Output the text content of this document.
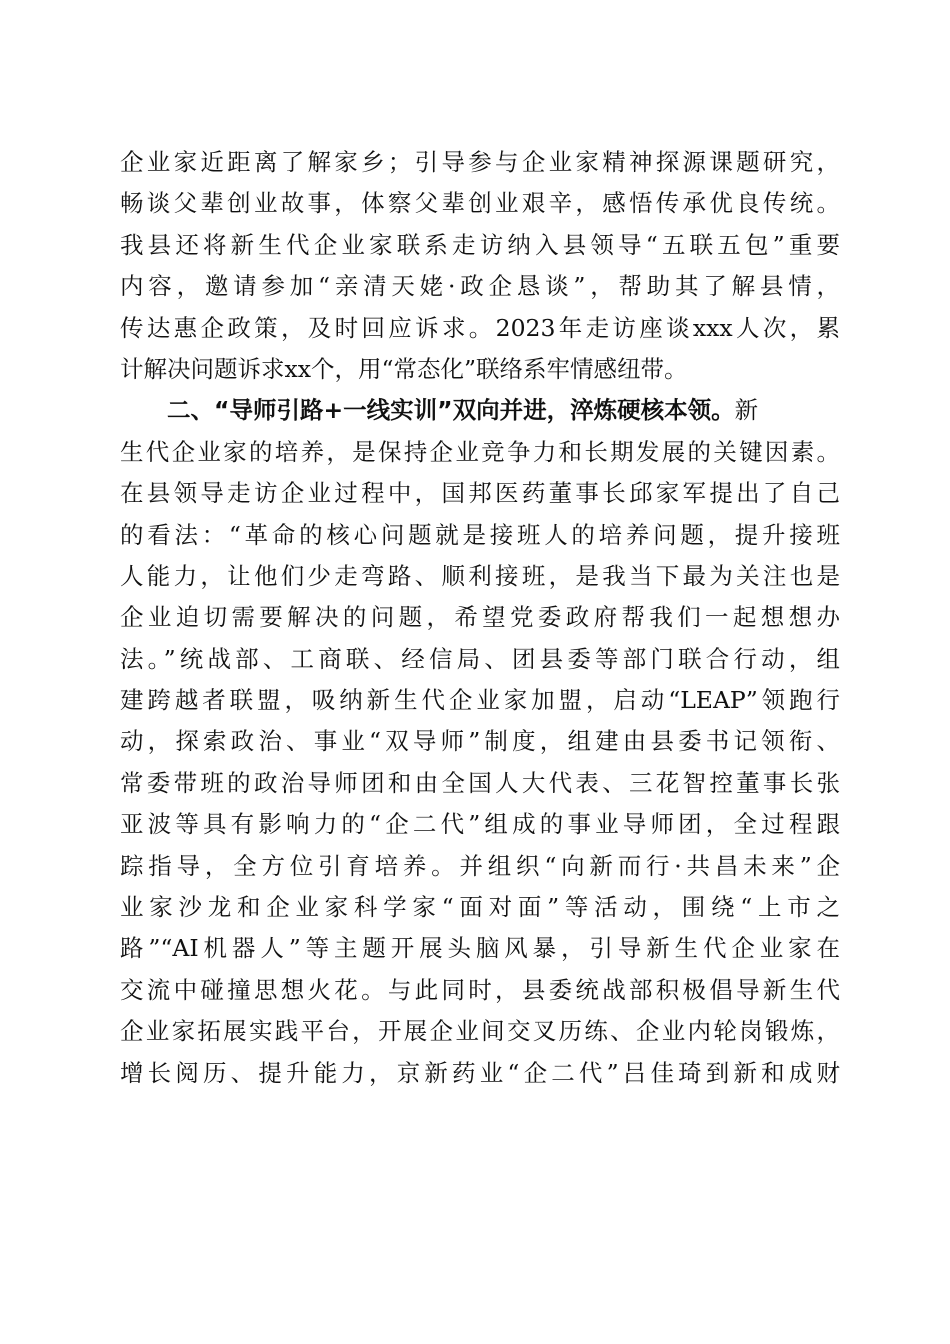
企业家近距离了解家乡；引导参与企业家精神探源课题研究，
畅谈父辈创业故事，体察父辈创业艰辛，感悟传承优良传统。
我县还将新生代企业家联系走访纳入县领导“五联五包”重要
内容，邀请参加“亲清天姥·政企恳谈”，帮助其了解县情，
传达惠企政策，及时回应诉求。2023年走访座谈xxx人次，累
计解决问题诉求xx个，用“常态化”联络系牢情感纽带。
二、“导师引路+一线实训”双向并进，淬炼硬核本领。新
生代企业家的培养，是保持企业竞争力和长期发展的关键因素。
在县领导走访企业过程中，国邦医药董事长邱家军提出了自己
的看法：“革命的核心问题就是接班人的培养问题，提升接班
人能力，让他们少走弯路、顺利接班，是我当下最为关注也是
企业迫切需要解决的问题，希望党委政府帮我们一起想想办
法。”统战部、工商联、经信局、团县委等部门联合行动，组
建跨越者联盟，吸纳新生代企业家加盟，启动“LEAP”领跑行
动，探索政治、事业“双导师”制度，组建由县委书记领衔、
常委带班的政治导师团和由全国人大代表、三花智控董事长张
亚波等具有影响力的“企二代”组成的事业导师团，全过程跟
踪指导，全方位引育培养。并组织“向新而行·共昌未来”企
业家沙龙和企业家科学家“面对面”等活动，围绕“上市之
路”“AI机器人”等主题开展头脑风暴，引导新生代企业家在
交流中碰撞思想火花。与此同时，县委统战部积极倡导新生代
企业家拓展实践平台，开展企业间交叉历练、企业内轮岗锻炼，
增长阅历、提升能力，京新药业“企二代”吕佳琦到新和成财
